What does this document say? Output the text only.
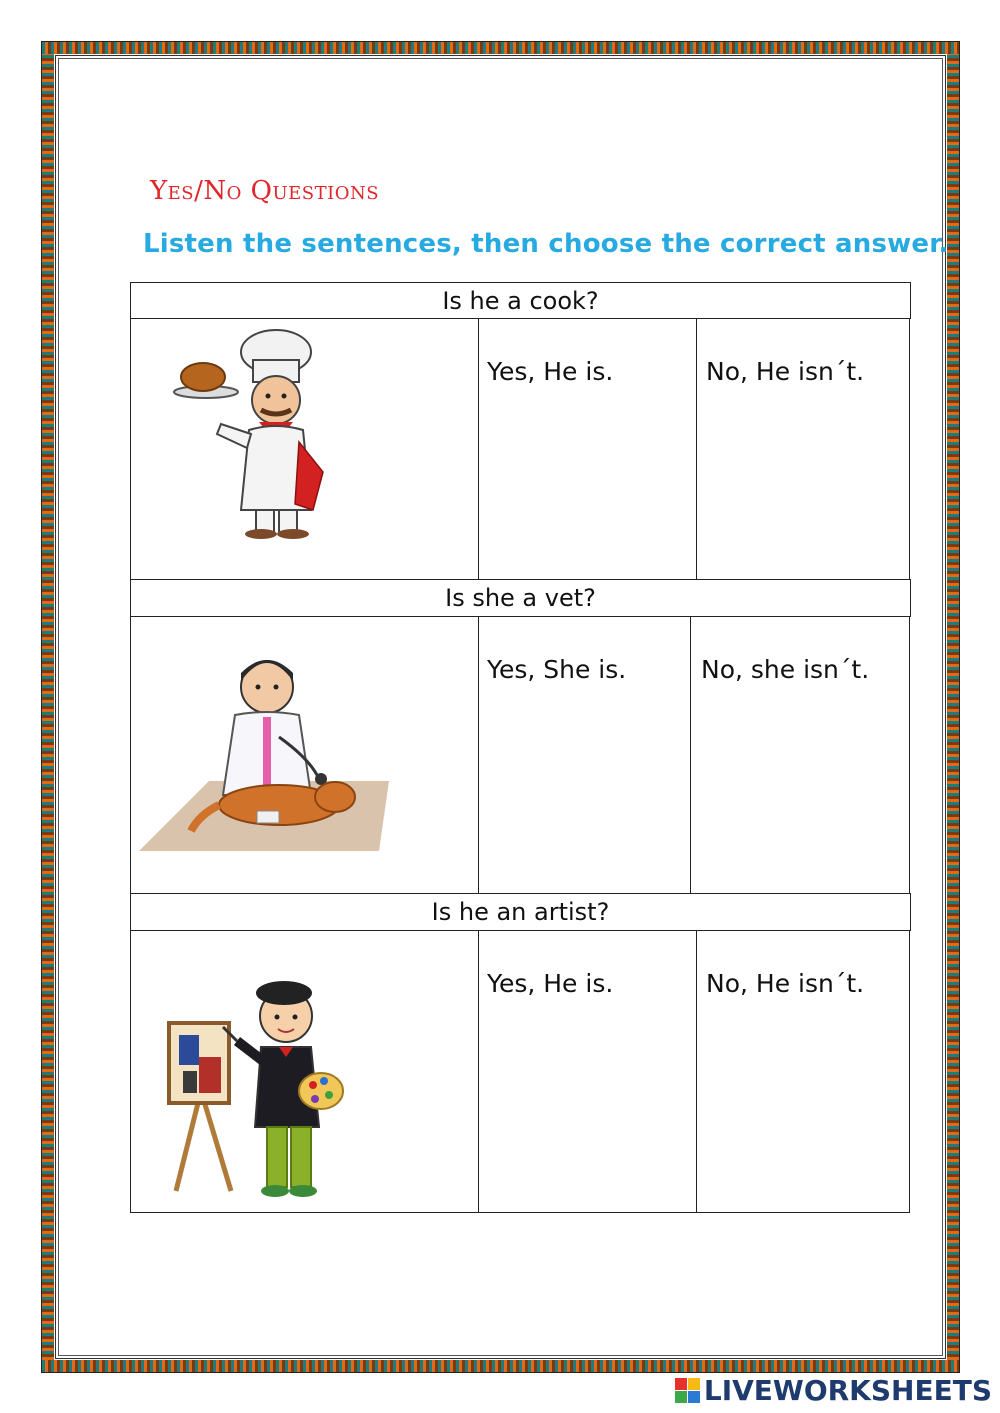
Yes/No Questions
Listen the sentences, then choose the correct answer.
Is he a cook?
Yes, He is.	No, He isn´t.
Is she a vet?
Yes, She is.	No, she isn´t.
Is he an artist?
Yes, He is.	No, He isn´t.
LIVEWORKSHEETS
